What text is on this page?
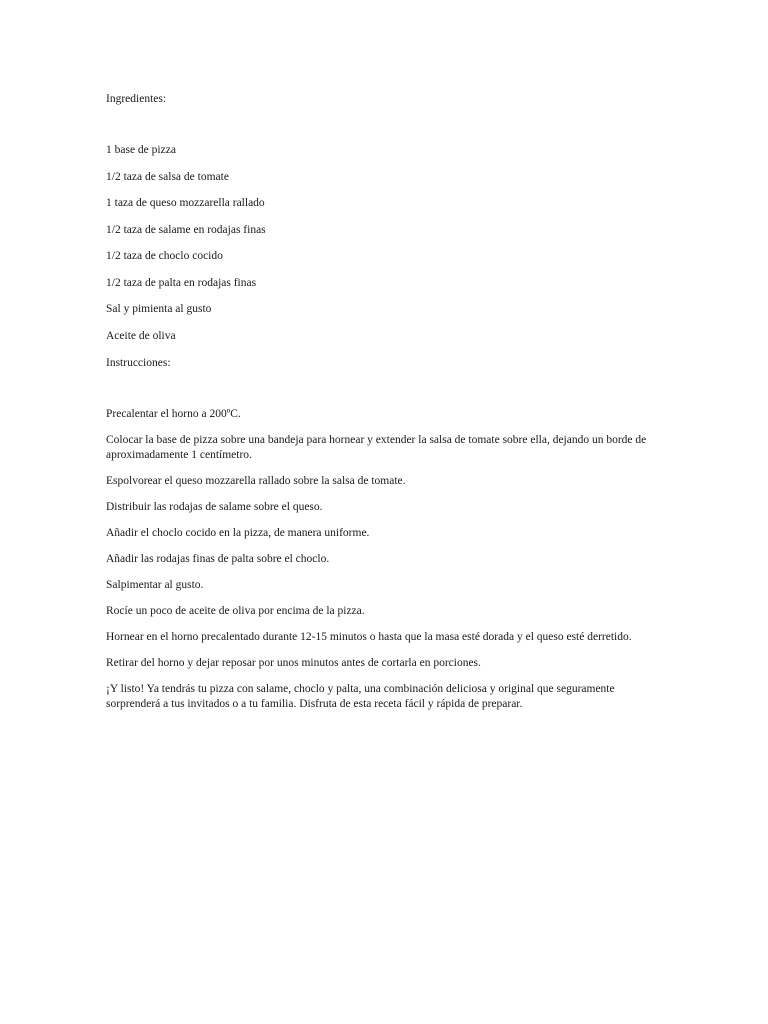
Ingredientes:

1 base de pizza
1/2 taza de salsa de tomate
1 taza de queso mozzarella rallado
1/2 taza de salame en rodajas finas
1/2 taza de choclo cocido
1/2 taza de palta en rodajas finas
Sal y pimienta al gusto
Aceite de oliva

Instrucciones:

Precalentar el horno a 200ºC.
Colocar la base de pizza sobre una bandeja para hornear y extender la salsa de tomate sobre ella, dejando un borde de aproximadamente 1 centímetro.
Espolvorear el queso mozzarella rallado sobre la salsa de tomate.
Distribuir las rodajas de salame sobre el queso.
Añadir el choclo cocido en la pizza, de manera uniforme.
Añadir las rodajas finas de palta sobre el choclo.
Salpimentar al gusto.
Rocíe un poco de aceite de oliva por encima de la pizza.
Hornear en el horno precalentado durante 12-15 minutos o hasta que la masa esté dorada y el queso esté derretido.
Retirar del horno y dejar reposar por unos minutos antes de cortarla en porciones.

¡Y listo! Ya tendrás tu pizza con salame, choclo y palta, una combinación deliciosa y original que seguramente sorprenderá a tus invitados o a tu familia. Disfruta de esta receta fácil y rápida de preparar.
